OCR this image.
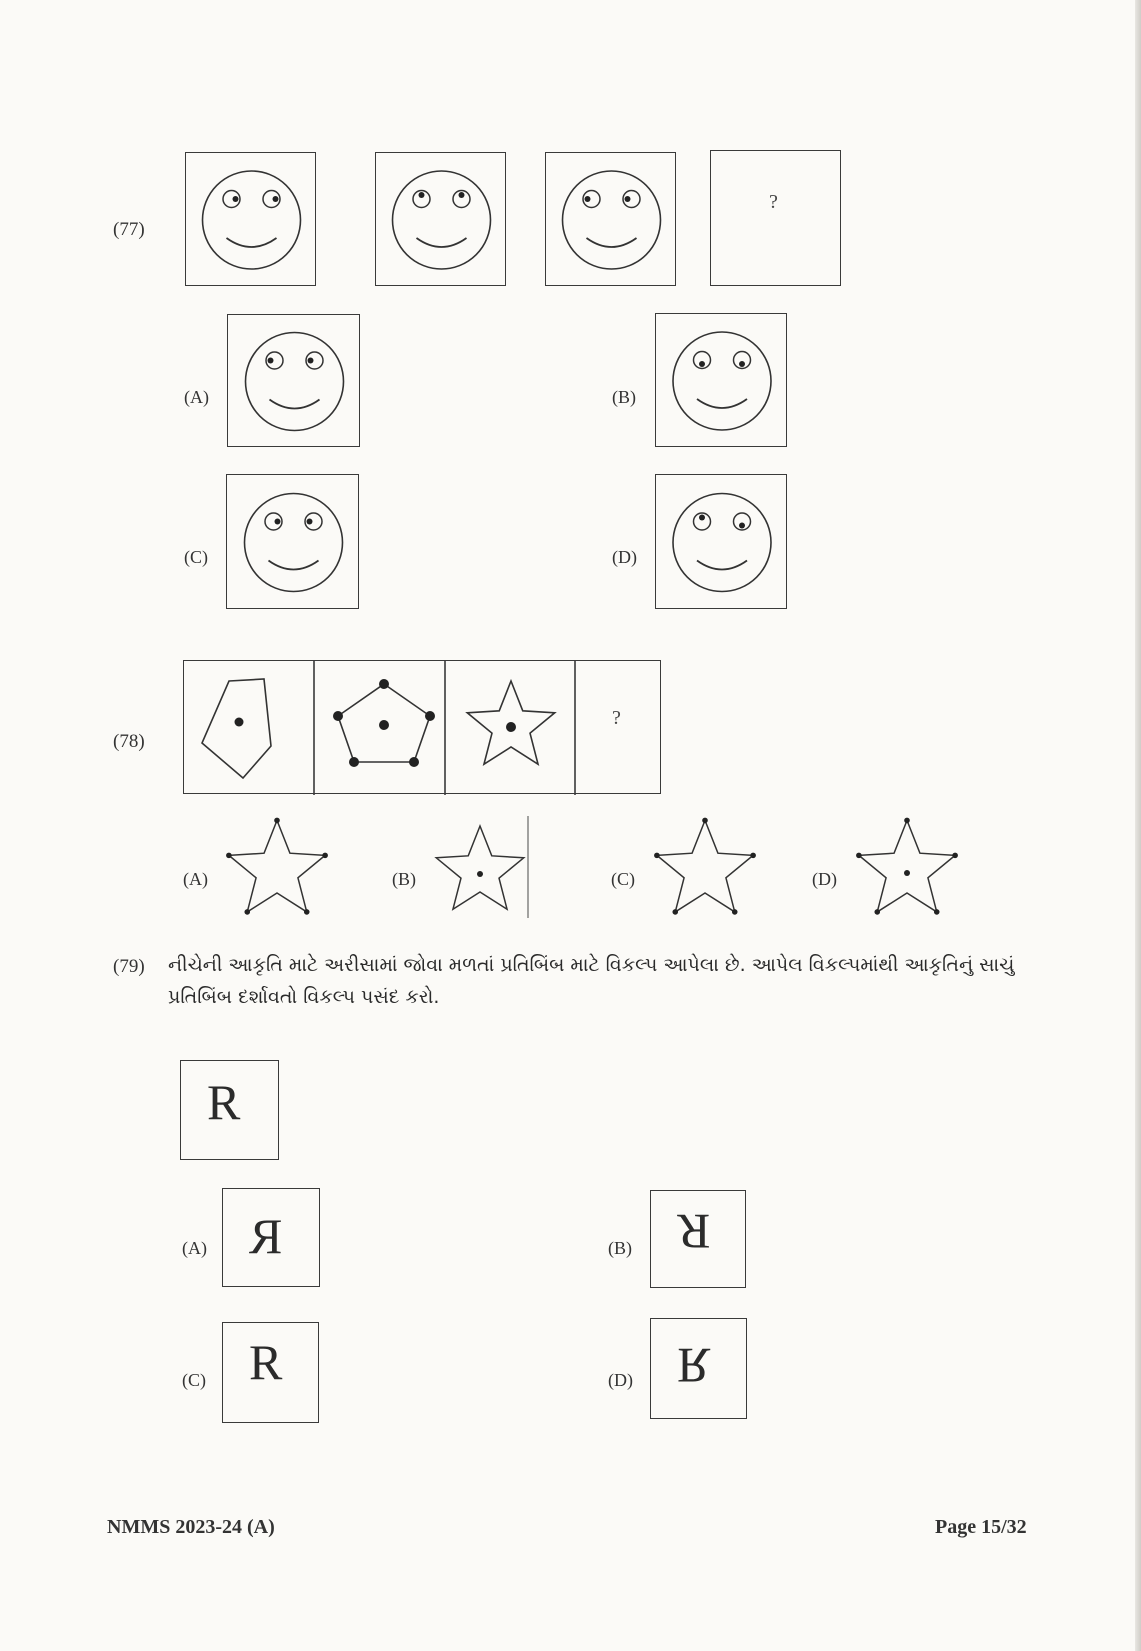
(77)
?
(A)	(B)
(C)	(D)
(78)
?
(A)	(B)	(C)	(D)
(79) નીચેની આકૃતિ માટે અરીસામાં જોવા મળતાં પ્રતિબિંબ માટે વિકલ્પ આપેલા છે. આપેલ વિકલ્પમાંથી આકૃતિનું સાચું
પ્રતિબિંબ દર્શાવતો વિકલ્પ પસંદ કરો.
R
(A) R	(B) R
(C) R	(D) R
NMMS 2023-24 (A)	Page 15/32
